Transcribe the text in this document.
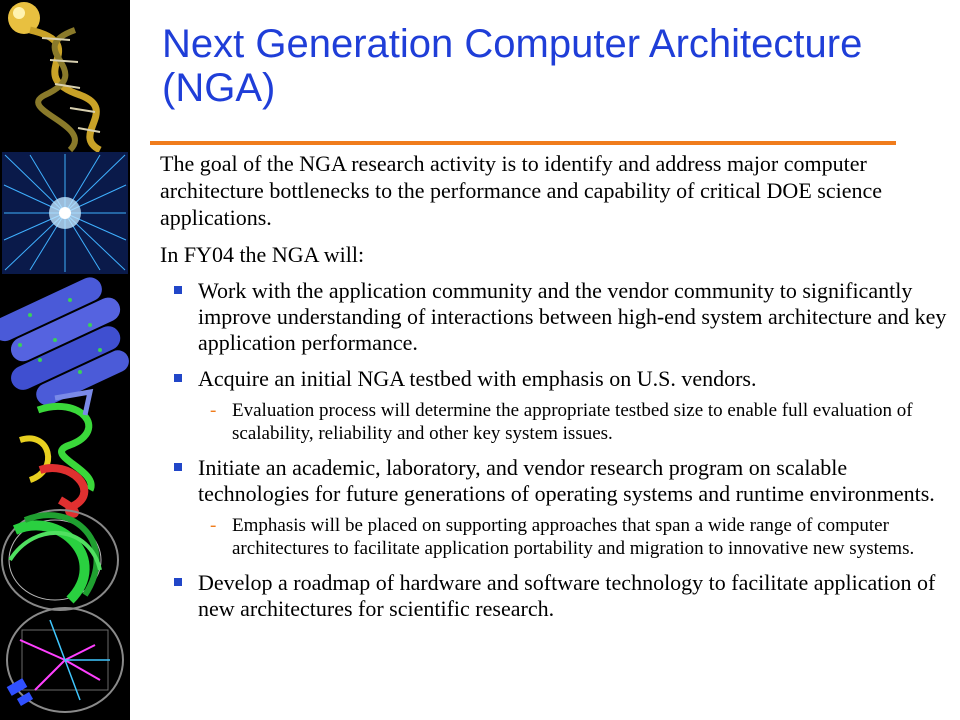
Next Generation Computer Architecture (NGA)

The goal of the NGA research activity is to identify and address major computer architecture bottlenecks to the performance and capability of critical DOE science applications.

In FY04 the NGA will:

Work with the application community and the vendor community to significantly improve understanding of interactions between high-end system architecture and key application performance.
Acquire an initial NGA testbed with emphasis on U.S. vendors.
- Evaluation process will determine the appropriate testbed size to enable full evaluation of scalability, reliability and other key system issues.
Initiate an academic, laboratory, and vendor research program on scalable technologies for future generations of operating systems and runtime environments.
- Emphasis will be placed on supporting approaches that span a wide range of computer architectures to facilitate application portability and migration to innovative new systems.
Develop a roadmap of hardware and software technology to facilitate application of new architectures for scientific research.
